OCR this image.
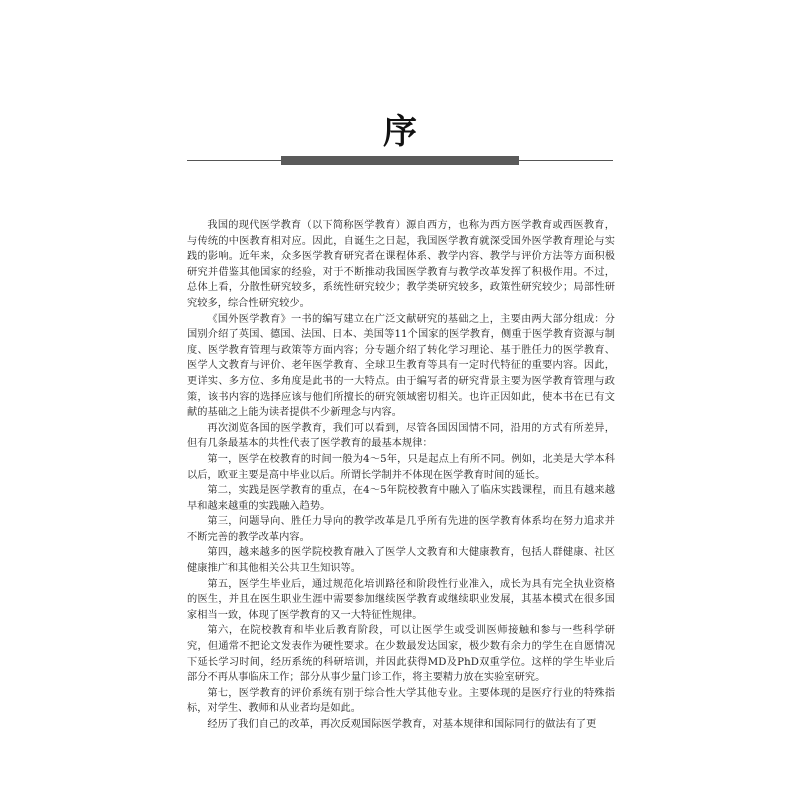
序

我国的现代医学教育（以下简称医学教育）源自西方，也称为西方医学教育或西医教育，与传统的中医教育相对应。因此，自诞生之日起，我国医学教育就深受国外医学教育理论与实践的影响。近年来，众多医学教育研究者在课程体系、教学内容、教学与评价方法等方面积极研究并借鉴其他国家的经验，对于不断推动我国医学教育与教学改革发挥了积极作用。不过，总体上看，分散性研究较多，系统性研究较少；教学类研究较多，政策性研究较少；局部性研究较多，综合性研究较少。

《国外医学教育》一书的编写建立在广泛文献研究的基础之上，主要由两大部分组成：分国别介绍了英国、德国、法国、日本、美国等11个国家的医学教育，侧重于医学教育资源与制度、医学教育管理与政策等方面内容；分专题介绍了转化学习理论、基于胜任力的医学教育、医学人文教育与评价、老年医学教育、全球卫生教育等具有一定时代特征的重要内容。因此，更详实、多方位、多角度是此书的一大特点。由于编写者的研究背景主要为医学教育管理与政策，该书内容的选择应该与他们所擅长的研究领域密切相关。也许正因如此，使本书在已有文献的基础之上能为读者提供不少新理念与内容。

再次浏览各国的医学教育，我们可以看到，尽管各国因国情不同，沿用的方式有所差异，但有几条最基本的共性代表了医学教育的最基本规律：

第一，医学在校教育的时间一般为4～5年，只是起点上有所不同。例如，北美是大学本科以后，欧亚主要是高中毕业以后。所谓长学制并不体现在医学教育时间的延长。

第二，实践是医学教育的重点，在4～5年院校教育中融入了临床实践课程，而且有越来越早和越来越重的实践融入趋势。

第三，问题导向、胜任力导向的教学改革是几乎所有先进的医学教育体系均在努力追求并不断完善的教学改革内容。

第四，越来越多的医学院校教育融入了医学人文教育和大健康教育，包括人群健康、社区健康推广和其他相关公共卫生知识等。

第五，医学生毕业后，通过规范化培训路径和阶段性行业准入，成长为具有完全执业资格的医生，并且在医生职业生涯中需要参加继续医学教育或继续职业发展，其基本模式在很多国家相当一致，体现了医学教育的又一大特征性规律。

第六，在院校教育和毕业后教育阶段，可以让医学生或受训医师接触和参与一些科学研究，但通常不把论文发表作为硬性要求。在少数最发达国家，极少数有余力的学生在自愿情况下延长学习时间，经历系统的科研培训，并因此获得MD及PhD双重学位。这样的学生毕业后部分不再从事临床工作；部分从事少量门诊工作，将主要精力放在实验室研究。

第七，医学教育的评价系统有别于综合性大学其他专业。主要体现的是医疗行业的特殊指标，对学生、教师和从业者均是如此。

经历了我们自己的改革，再次反观国际医学教育，对基本规律和国际同行的做法有了更
